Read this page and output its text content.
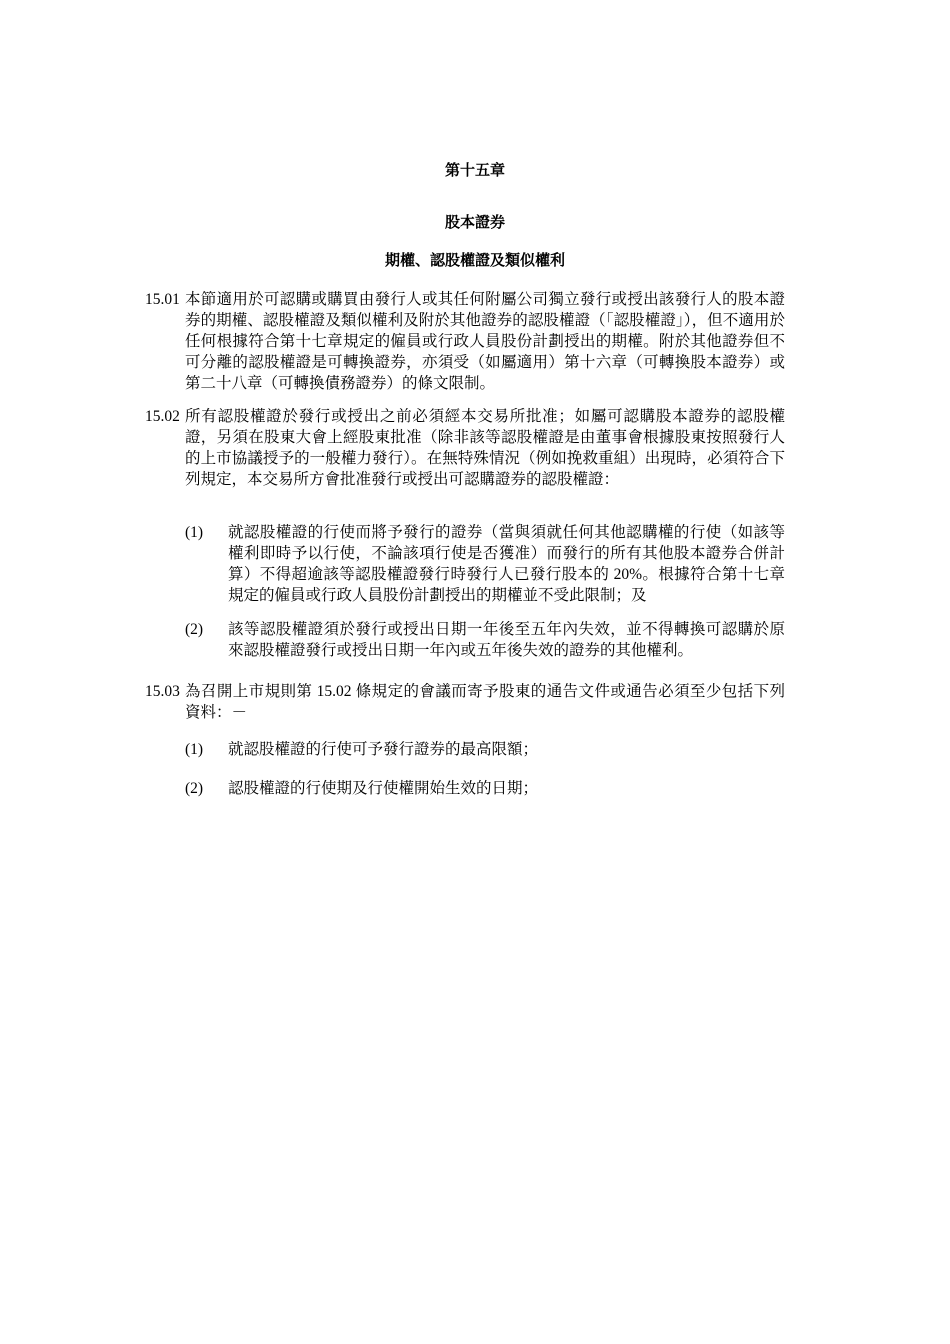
第十五章
股本證券
期權、認股權證及類似權利
15.01 本節適用於可認購或購買由發行人或其任何附屬公司獨立發行或授出該發行人的股本證券的期權、認股權證及類似權利及附於其他證券的認股權證（「認股權證」），但不適用於任何根據符合第十七章規定的僱員或行政人員股份計劃授出的期權。附於其他證券但不可分離的認股權證是可轉換證券，亦須受（如屬適用）第十六章（可轉換股本證券）或第二十八章（可轉換債務證券）的條文限制。
15.02 所有認股權證於發行或授出之前必須經本交易所批准；如屬可認購股本證券的認股權證，另須在股東大會上經股東批准（除非該等認股權證是由董事會根據股東按照發行人的上市協議授予的一般權力發行）。在無特殊情況（例如挽救重組）出現時，必須符合下列規定，本交易所方會批准發行或授出可認購證券的認股權證：
(1)	就認股權證的行使而將予發行的證券（當與須就任何其他認購權的行使（如該等權利即時予以行使，不論該項行使是否獲准）而發行的所有其他股本證券合併計算）不得超逾該等認股權證發行時發行人已發行股本的 20%。根據符合第十七章規定的僱員或行政人員股份計劃授出的期權並不受此限制；及
(2)	該等認股權證須於發行或授出日期一年後至五年內失效，並不得轉換可認購於原來認股權證發行或授出日期一年內或五年後失效的證券的其他權利。
15.03 為召開上市規則第 15.02 條規定的會議而寄予股東的通告文件或通告必須至少包括下列資料：－
(1)	就認股權證的行使可予發行證券的最高限額；
(2)	認股權證的行使期及行使權開始生效的日期；
